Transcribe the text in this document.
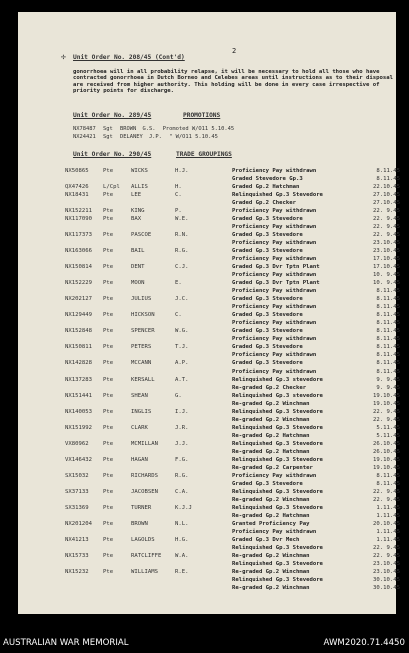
✢
2
Unit Order No. 208/45 (Cont'd)
gonorrhoea will in all probability relapse, it will be necessary to hold all those who have contracted gonorrhoea in Dutch Borneo and Celebes areas until instructions as to their disposal are received from higher authority. This holding will be done in every case irrespective of priority points for discharge.
Unit Order No. 289/45	PROMOTIONS
NX78487 Sgt BROWN G.S. Promoted W/O11 5.10.45
NX24421 Sgt DELANEY J.P. " W/O11 5.10.45
Unit Order No. 290/45	TRADE GROUPINGS
NX50865	Pte	WICKS	H.J.	Proficiency Pay withdrawn	8.11.45
Graded Stevedore Gp.3	8.11.45
QX47426	L/Cpl ALLIS	H.	Graded Gp.2 Hatchman	22.10.45
NX18431	Pte	LEE	C.	Relinquished Gp.3 Stevedore	27.10.45
Graded Gp.2 Checker	27.10.45
NX152211 Pte	KING	P.	Proficiency Pay withdrawn	22. 9.45
NX117090 Pte	BAX	W.E.	Graded Gp.3 Stevedore	22. 9.45
Proficiency Pay withdrawn	22. 9.45
NX117373 Pte	PASCOE	R.N.	Graded Gp.3 Stevedore	22. 9.45
Proficiency Pay withdrawn	23.10.45
NX163066 Pte	BAIL	R.G.	Graded Gp.3 Stevedore	23.10.45
Proficiency Pay withdrawn	17.10.45
NX150814 Pte	DENT	C.J.	Graded Gp.3 Dvr Tptn Plant	17.10.45
Proficiency Pay withdrawn	10. 9.45
NX152229 Pte	MOON	E.	Graded Gp.3 Dvr Tptn Plant	10. 9.45
Proficiency Pay withdrawn	8.11.45
NX202127 Pte	JULIUS	J.C.	Graded Gp.3 Stevedore	8.11.45
Proficiency Pay withdrawn	8.11.45
NX129449 Pte	HICKSON	C.	Graded Gp.3 Stevedore	8.11.45
Proficiency Pay withdrawn	8.11.45
NX152848 Pte	SPENCER	W.G.	Graded Gp.3 Stevedore	8.11.45
Proficiency Pay withdrawn	8.11.45
NX150811 Pte	PETERS	T.J.	Graded Gp.3 Stevedore	8.11.45
Proficiency Pay withdrawn	8.11.45
NX142828 Pte	MCCANN	A.P.	Graded Gp.3 Stevedore	8.11.45
Proficiency Pay withdrawn	8.11.45
NX137283 Pte	KERSALL	A.T.	Relinquished Gp.3 stevedore	9. 9.45
Re-graded Gp.2 Checker	9. 9.45
NX151441 Pte	SHEAN	G.	Relinquished Gp.3 stevedore	19.10.45
Re-graded Gp.2 Winchman	19.10.45
NX140053 Pte	INGLIS	I.J.	Relinquished Gp.3 Stevedore	22. 9.45
Re-graded Gp.2 Winchman	22. 9.45
NX151992 Pte	CLARK	J.R.	Relinquished Gp.3 Stevedore	5.11.45
Re-graded Gp.2 Hatchman	5.11.45
VX80962	Pte	MCMILLAN	J.J.	Relinquished Gp.3 Stevedore	26.10.45
Re-graded Gp.2 Hatchman	26.10.45
VX146432 Pte	HAGAN	F.G.	Relinquished Gp.3 Stevedore	19.10.45
Re-graded Gp.2 Carpenter	19.10.45
SX15032	Pte	RICHARDS	R.G.	Proficiency Pay withdrawn	8.11.45
Graded Gp.3 Stevedore	8.11.45
SX37133	Pte	JACOBSEN	C.A.	Relinquished Gp.3 Stevedore	22. 9.45
Re-graded Gp.2 Winchman	22. 9.45
SX31369	Pte	TURNER	K.J.J	Relinquished Gp.3 Stevedore	1.11.45
Re-graded Gp.2 Hatchman	1.11.45
NX201204 Pte	BROWN	N.L.	Granted Proficiency Pay	20.10.45
Proficiency Pay withdrawn	1.11.45
NX41213	Pte	LAGOLDS	H.G.	Graded Gp.3 Dvr Mech	1.11.45
Relinquished Gp.3 Stevedore	22. 9.45
NX15733	Pte	RATCLIFFE W.A.	Re-graded Gp.2 Winchman	22. 9.45
Relinquished Gp.3 Stevedore	23.10.45
NX15232	Pte	WILLIAMS	R.E.	Re-graded Gp.2 Winchman	23.10.45
Relinquished Gp.3 Stevedore	30.10.45
Re-graded Gp.2 Winchman	30.10.45
AUSTRALIAN WAR MEMORIAL	AWM2020.71.4450
